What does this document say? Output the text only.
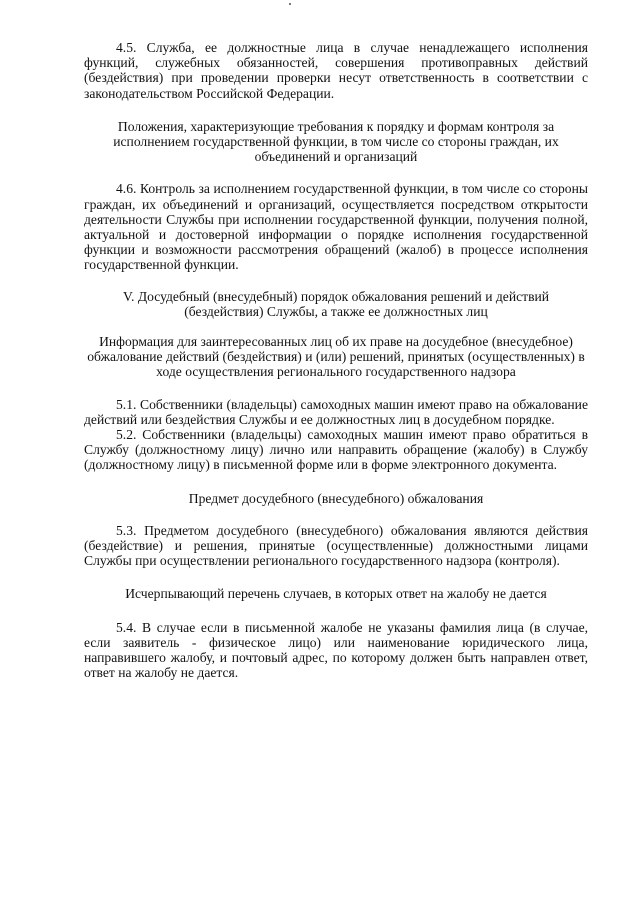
4.5. Служба, ее должностные лица в случае ненадлежащего исполнения функций, служебных обязанностей, совершения противоправных действий (бездействия) при проведении проверки несут ответственность в соответствии с законодательством Российской Федерации.

Положения, характеризующие требования к порядку и формам контроля за исполнением государственной функции, в том числе со стороны граждан, их объединений и организаций

4.6. Контроль за исполнением государственной функции, в том числе со стороны граждан, их объединений и организаций, осуществляется посредством открытости деятельности Службы при исполнении государственной функции, получения полной, актуальной и достоверной информации о порядке исполнения государственной функции и возможности рассмотрения обращений (жалоб) в процессе исполнения государственной функции.

V. Досудебный (внесудебный) порядок обжалования решений и действий (бездействия) Службы, а также ее должностных лиц

Информация для заинтересованных лиц об их праве на досудебное (внесудебное) обжалование действий (бездействия) и (или) решений, принятых (осуществленных) в ходе осуществления регионального государственного надзора

5.1. Собственники (владельцы) самоходных машин имеют право на обжалование действий или бездействия Службы и ее должностных лиц в досудебном порядке.

5.2. Собственники (владельцы) самоходных машин имеют право обратиться в Службу (должностному лицу) лично или направить обращение (жалобу) в Службу (должностному лицу) в письменной форме или в форме электронного документа.

Предмет досудебного (внесудебного) обжалования

5.3. Предметом досудебного (внесудебного) обжалования являются действия (бездействие) и решения, принятые (осуществленные) должностными лицами Службы при осуществлении регионального государственного надзора (контроля).

Исчерпывающий перечень случаев, в которых ответ на жалобу не дается

5.4. В случае если в письменной жалобе не указаны фамилия лица (в случае, если заявитель - физическое лицо) или наименование юридического лица, направившего жалобу, и почтовый адрес, по которому должен быть направлен ответ, ответ на жалобу не дается.
